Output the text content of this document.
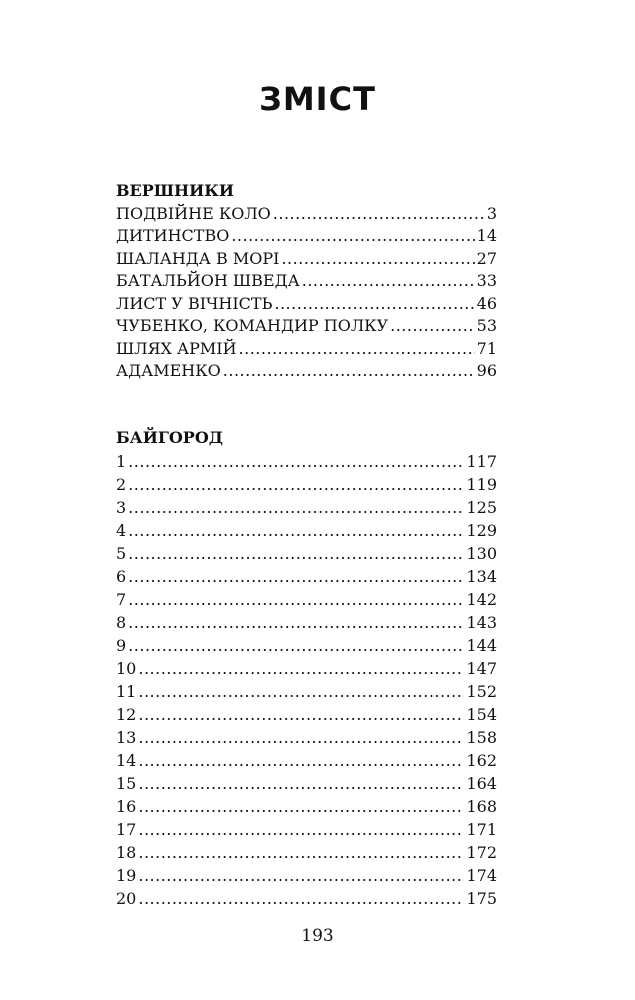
ЗМІСТ
ВЕРШНИКИ
ПОДВІЙНЕ КОЛО .....	3
ДИТИНСТВО .....	14
ШАЛАНДА В МОРІ .....	27
БАТАЛЬЙОН ШВЕДА .....	33
ЛИСТ У ВІЧНІСТЬ .....	46
ЧУБЕНКО, КОМАНДИР ПОЛКУ .....	53
ШЛЯХ АРМІЙ .....	71
АДАМЕНКО .....	96
БАЙГОРОД
1 .....	117
2 .....	119
3 .....	125
4 .....	129
5 .....	130
6 .....	134
7 .....	142
8 .....	143
9 .....	144
10 .....	147
11 .....	152
12 .....	154
13 .....	158
14 .....	162
15 .....	164
16 .....	168
17 .....	171
18 .....	172
19 .....	174
20 .....	175
193
